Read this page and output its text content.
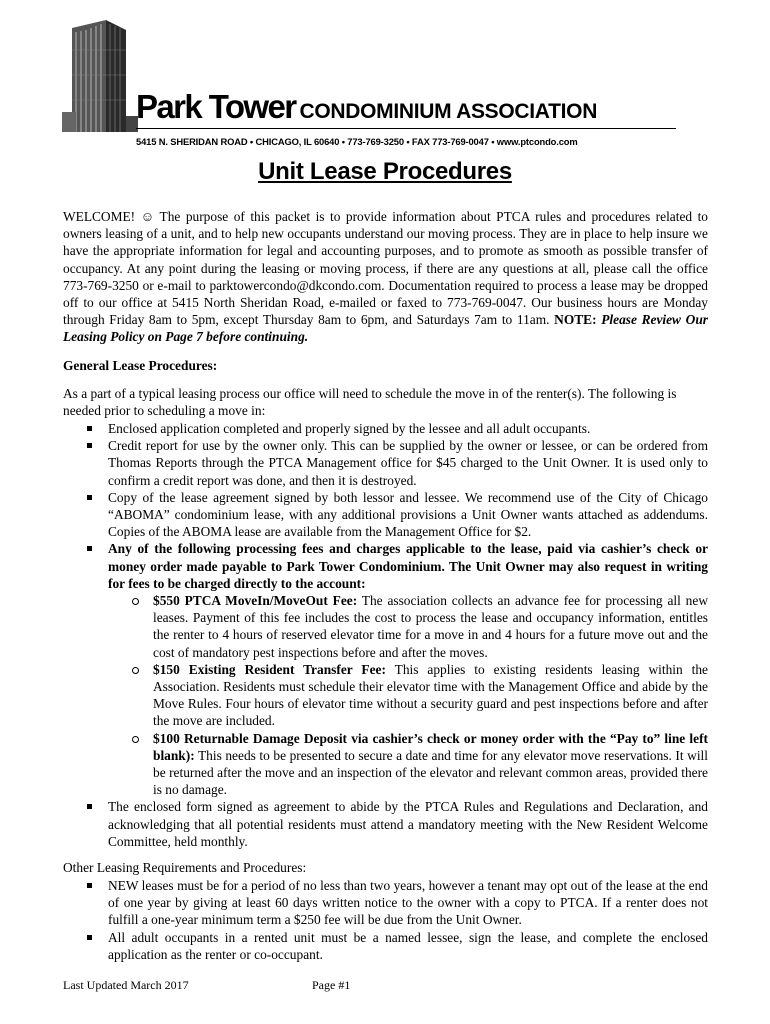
Park Tower CONDOMINIUM ASSOCIATION
5415 N. SHERIDAN ROAD • CHICAGO, IL 60640 • 773-769-3250 • FAX 773-769-0047 • www.ptcondo.com
Unit Lease Procedures
WELCOME! ☺ The purpose of this packet is to provide information about PTCA rules and procedures related to owners leasing of a unit, and to help new occupants understand our moving process. They are in place to help insure we have the appropriate information for legal and accounting purposes, and to promote as smooth as possible transfer of occupancy. At any point during the leasing or moving process, if there are any questions at all, please call the office 773-769-3250 or e-mail to parktowercondo@dkcondo.com. Documentation required to process a lease may be dropped off to our office at 5415 North Sheridan Road, e-mailed or faxed to 773-769-0047. Our business hours are Monday through Friday 8am to 5pm, except Thursday 8am to 6pm, and Saturdays 7am to 11am. NOTE: Please Review Our Leasing Policy on Page 7 before continuing.
General Lease Procedures:
As a part of a typical leasing process our office will need to schedule the move in of the renter(s). The following is needed prior to scheduling a move in:
Enclosed application completed and properly signed by the lessee and all adult occupants.
Credit report for use by the owner only. This can be supplied by the owner or lessee, or can be ordered from Thomas Reports through the PTCA Management office for $45 charged to the Unit Owner. It is used only to confirm a credit report was done, and then it is destroyed.
Copy of the lease agreement signed by both lessor and lessee. We recommend use of the City of Chicago “ABOMA” condominium lease, with any additional provisions a Unit Owner wants attached as addendums. Copies of the ABOMA lease are available from the Management Office for $2.
Any of the following processing fees and charges applicable to the lease, paid via cashier’s check or money order made payable to Park Tower Condominium. The Unit Owner may also request in writing for fees to be charged directly to the account:
$550 PTCA MoveIn/MoveOut Fee: The association collects an advance fee for processing all new leases. Payment of this fee includes the cost to process the lease and occupancy information, entitles the renter to 4 hours of reserved elevator time for a move in and 4 hours for a future move out and the cost of mandatory pest inspections before and after the moves.
$150 Existing Resident Transfer Fee: This applies to existing residents leasing within the Association. Residents must schedule their elevator time with the Management Office and abide by the Move Rules. Four hours of elevator time without a security guard and pest inspections before and after the move are included.
$100 Returnable Damage Deposit via cashier’s check or money order with the “Pay to” line left blank): This needs to be presented to secure a date and time for any elevator move reservations. It will be returned after the move and an inspection of the elevator and relevant common areas, provided there is no damage.
The enclosed form signed as agreement to abide by the PTCA Rules and Regulations and Declaration, and acknowledging that all potential residents must attend a mandatory meeting with the New Resident Welcome Committee, held monthly.
Other Leasing Requirements and Procedures:
NEW leases must be for a period of no less than two years, however a tenant may opt out of the lease at the end of one year by giving at least 60 days written notice to the owner with a copy to PTCA. If a renter does not fulfill a one-year minimum term a $250 fee will be due from the Unit Owner.
All adult occupants in a rented unit must be a named lessee, sign the lease, and complete the enclosed application as the renter or co-occupant.
Last Updated March 2017	Page #1
